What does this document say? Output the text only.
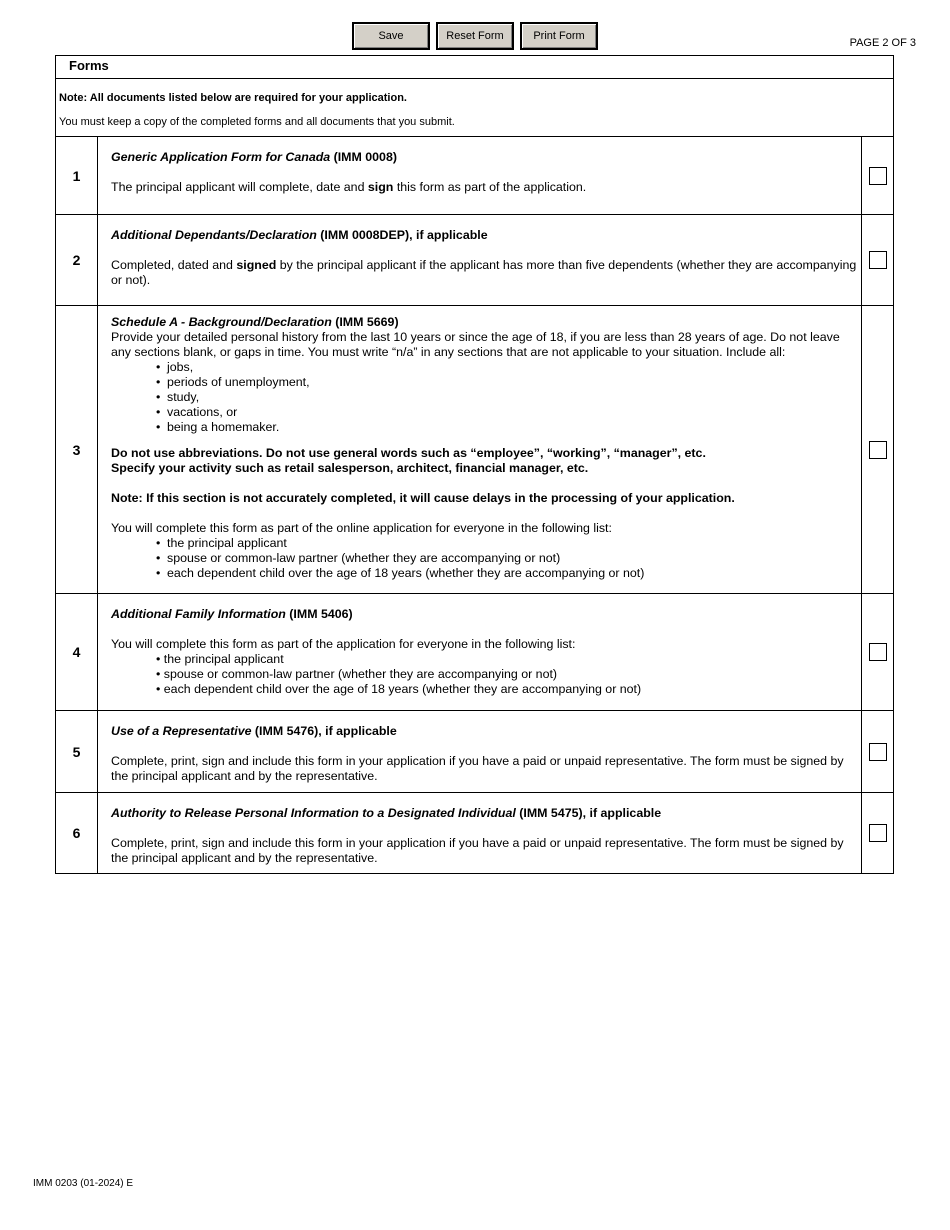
Save	Reset Form	Print Form
PAGE 2 OF 3
Forms

Note: All documents listed below are required for your application.

You must keep a copy of the completed forms and all documents that you submit.

1

Generic Application Form for Canada (IMM 0008)

The principal applicant will complete, date and sign this form as part of the application.

2

Additional Dependants/Declaration (IMM 0008DEP), if applicable

Completed, dated and signed by the principal applicant if the applicant has more than five dependents (whether they are accompanying or not).

3

Schedule A - Background/Declaration (IMM 5669)

Provide your detailed personal history from the last 10 years or since the age of 18, if you are less than 28 years of age. Do not leave any sections blank, or gaps in time. You must write “n/a” in any sections that are not applicable to your situation. Include all:

• jobs,
• periods of unemployment,
• study,
• vacations, or
• being a homemaker.

Do not use abbreviations. Do not use general words such as “employee”, “working”, “manager”, etc.

Specify your activity such as retail salesperson, architect, financial manager, etc.

Note: If this section is not accurately completed, it will cause delays in the processing of your application.

You will complete this form as part of the online application for everyone in the following list:

• the principal applicant
• spouse or common-law partner (whether they are accompanying or not)
• each dependent child over the age of 18 years (whether they are accompanying or not)
4

Additional Family Information (IMM 5406)

You will complete this form as part of the application for everyone in the following list:

• the principal applicant
• spouse or common-law partner (whether they are accompanying or not)
• each dependent child over the age of 18 years (whether they are accompanying or not)
5

Use of a Representative (IMM 5476), if applicable

Complete, print, sign and include this form in your application if you have a paid or unpaid representative. The form must be signed by the principal applicant and by the representative.

6

Authority to Release Personal Information to a Designated Individual (IMM 5475), if applicable

Complete, print, sign and include this form in your application if you have a paid or unpaid representative. The form must be signed by the principal applicant and by the representative.

IMM 0203 (01-2024) E
